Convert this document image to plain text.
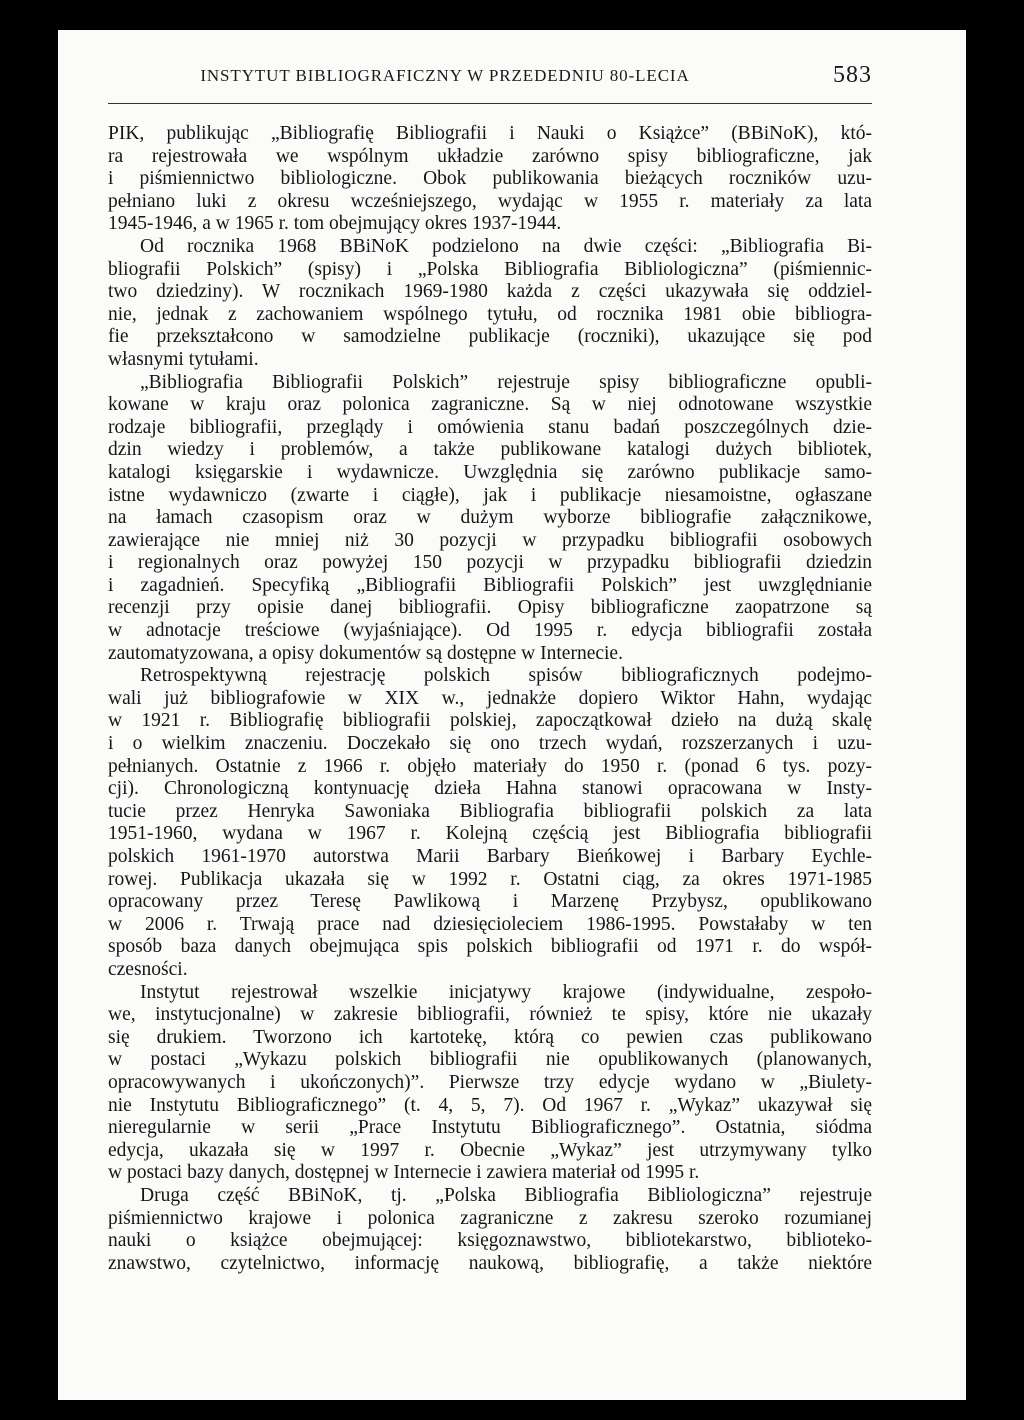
INSTYTUT BIBLIOGRAFICZNY W PRZEDEDNIU 80-LECIA	583
PIK, publikując „Bibliografię Bibliografii i Nauki o Książce” (BBiNoK), któ-
ra rejestrowała we wspólnym układzie zarówno spisy bibliograficzne, jak
i piśmiennictwo bibliologiczne. Obok publikowania bieżących roczników uzu-
pełniano luki z okresu wcześniejszego, wydając w 1955 r. materiały za lata
1945-1946, a w 1965 r. tom obejmujący okres 1937-1944.
Od rocznika 1968 BBiNoK podzielono na dwie części: „Bibliografia Bi-
bliografii Polskich” (spisy) i „Polska Bibliografia Bibliologiczna” (piśmiennic-
two dziedziny). W rocznikach 1969-1980 każda z części ukazywała się oddziel-
nie, jednak z zachowaniem wspólnego tytułu, od rocznika 1981 obie bibliogra-
fie przekształcono w samodzielne publikacje (roczniki), ukazujące się pod
własnymi tytułami.
„Bibliografia Bibliografii Polskich” rejestruje spisy bibliograficzne opubli-
kowane w kraju oraz polonica zagraniczne. Są w niej odnotowane wszystkie
rodzaje bibliografii, przeglądy i omówienia stanu badań poszczególnych dzie-
dzin wiedzy i problemów, a także publikowane katalogi dużych bibliotek,
katalogi księgarskie i wydawnicze. Uwzględnia się zarówno publikacje samo-
istne wydawniczo (zwarte i ciągłe), jak i publikacje niesamoistne, ogłaszane
na łamach czasopism oraz w dużym wyborze bibliografie załącznikowe,
zawierające nie mniej niż 30 pozycji w przypadku bibliografii osobowych
i regionalnych oraz powyżej 150 pozycji w przypadku bibliografii dziedzin
i zagadnień. Specyfiką „Bibliografii Bibliografii Polskich” jest uwzględnianie
recenzji przy opisie danej bibliografii. Opisy bibliograficzne zaopatrzone są
w adnotacje treściowe (wyjaśniające). Od 1995 r. edycja bibliografii została
zautomatyzowana, a opisy dokumentów są dostępne w Internecie.
Retrospektywną rejestrację polskich spisów bibliograficznych podejmo-
wali już bibliografowie w XIX w., jednakże dopiero Wiktor Hahn, wydając
w 1921 r. Bibliografię bibliografii polskiej, zapoczątkował dzieło na dużą skalę
i o wielkim znaczeniu. Doczekało się ono trzech wydań, rozszerzanych i uzu-
pełnianych. Ostatnie z 1966 r. objęło materiały do 1950 r. (ponad 6 tys. pozy-
cji). Chronologiczną kontynuację dzieła Hahna stanowi opracowana w Insty-
tucie przez Henryka Sawoniaka Bibliografia bibliografii polskich za lata
1951-1960, wydana w 1967 r. Kolejną częścią jest Bibliografia bibliografii
polskich 1961-1970 autorstwa Marii Barbary Bieńkowej i Barbary Eychle-
rowej. Publikacja ukazała się w 1992 r. Ostatni ciąg, za okres 1971-1985
opracowany przez Teresę Pawlikową i Marzenę Przybysz, opublikowano
w 2006 r. Trwają prace nad dziesięcioleciem 1986-1995. Powstałaby w ten
sposób baza danych obejmująca spis polskich bibliografii od 1971 r. do współ-
czesności.
Instytut rejestrował wszelkie inicjatywy krajowe (indywidualne, zespoło-
we, instytucjonalne) w zakresie bibliografii, również te spisy, które nie ukazały
się drukiem. Tworzono ich kartotekę, którą co pewien czas publikowano
w postaci „Wykazu polskich bibliografii nie opublikowanych (planowanych,
opracowywanych i ukończonych)”. Pierwsze trzy edycje wydano w „Biulety-
nie Instytutu Bibliograficznego” (t. 4, 5, 7). Od 1967 r. „Wykaz” ukazywał się
nieregularnie w serii „Prace Instytutu Bibliograficznego”. Ostatnia, siódma
edycja, ukazała się w 1997 r. Obecnie „Wykaz” jest utrzymywany tylko
w postaci bazy danych, dostępnej w Internecie i zawiera materiał od 1995 r.
Druga część BBiNoK, tj. „Polska Bibliografia Bibliologiczna” rejestruje
piśmiennictwo krajowe i polonica zagraniczne z zakresu szeroko rozumianej
nauki o książce obejmującej: księgoznawstwo, bibliotekarstwo, biblioteko-
znawstwo, czytelnictwo, informację naukową, bibliografię, a także niektóre
